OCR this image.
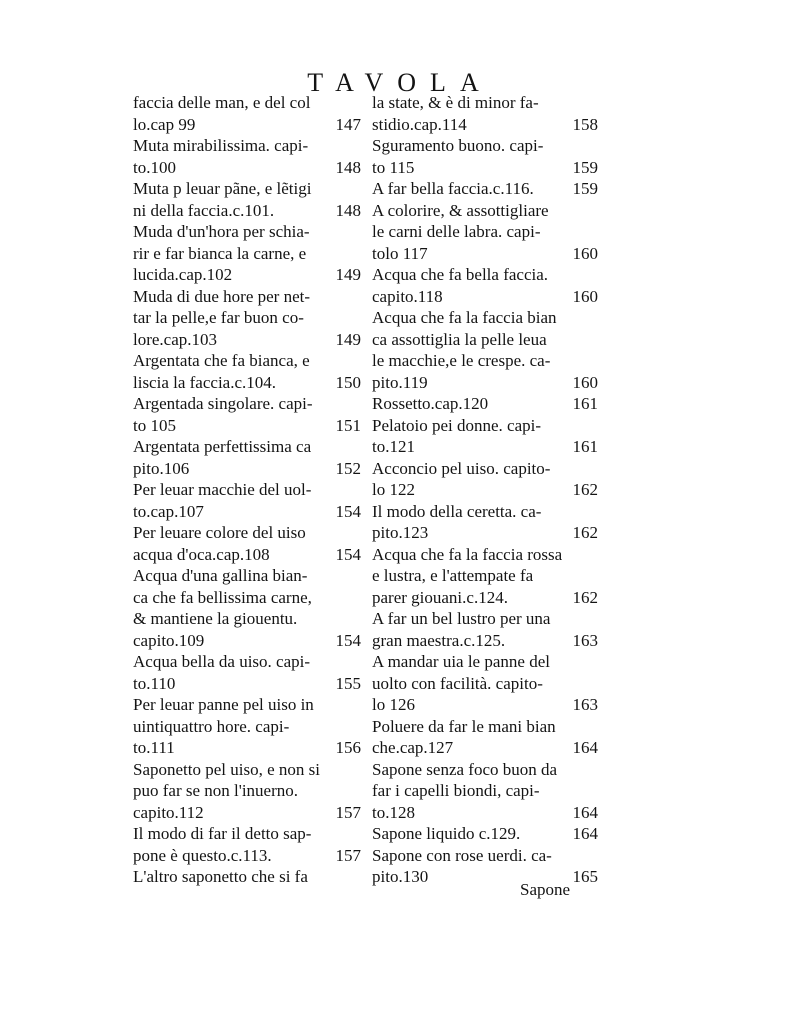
TAVOLA
faccia delle man, e del col
lo.cap 99	147
Muta mirabilissima. capi-
to.100	148
Muta p leuar pãne, e lẽtigi
ni della faccia.c.101.	148
Muda d'un'hora per schia-
rir e far bianca la carne, e
lucida.cap.102	149
Muda di due hore per net-
tar la pelle,e far buon co-
lore.cap.103	149
Argentata che fa bianca, e
liscia la faccia.c.104.	150
Argentada singolare. capi-
to 105	151
Argentata perfettissima ca
pito.106	152
Per leuar macchie del uol-
to.cap.107	154
Per leuare colore del uiso
acqua d'oca.cap.108	154
Acqua d'una gallina bian-
ca che fa bellissima carne,
& mantiene la giouentu.
capito.109	154
Acqua bella da uiso. capi-
to.110	155
Per leuar panne pel uiso in
uintiquattro hore. capi-
to.111	156
Saponetto pel uiso, e non si
puo far se non l'inuerno.
capito.112	157
Il modo di far il detto sap-
pone è questo.c.113.	157
L'altro saponetto che si fa
la state, & è di minor fa-
stidio.cap.114	158
Sguramento buono. capi-
to 115	159
A far bella faccia.c.116. 159
A colorire, & assottigliare
le carni delle labra. capi-
tolo 117	160
Acqua che fa bella faccia.
capito.118	160
Acqua che fa la faccia bian
ca assottiglia la pelle leua
le macchie,e le crespe. ca-
pito.119	160
Rossetto.cap.120	161
Pelatoio pei donne. capi-
to.121	161
Acconcio pel uiso. capito-
lo 122	162
Il modo della ceretta. ca-
pito.123	162
Acqua che fa la faccia rossa
e lustra, e l'attempate fa
parer giouani.c.124.	162
A far un bel lustro per una
gran maestra.c.125.	163
A mandar uia le panne del
uolto con facilità. capito-
lo 126	163
Poluere da far le mani bian
che.cap.127	164
Sapone senza foco buon da
far i capelli biondi, capi-
to.128	164
Sapone liquido c.129.	164
Sapone con rose uerdi. ca-
pito.130	165
Sapone
